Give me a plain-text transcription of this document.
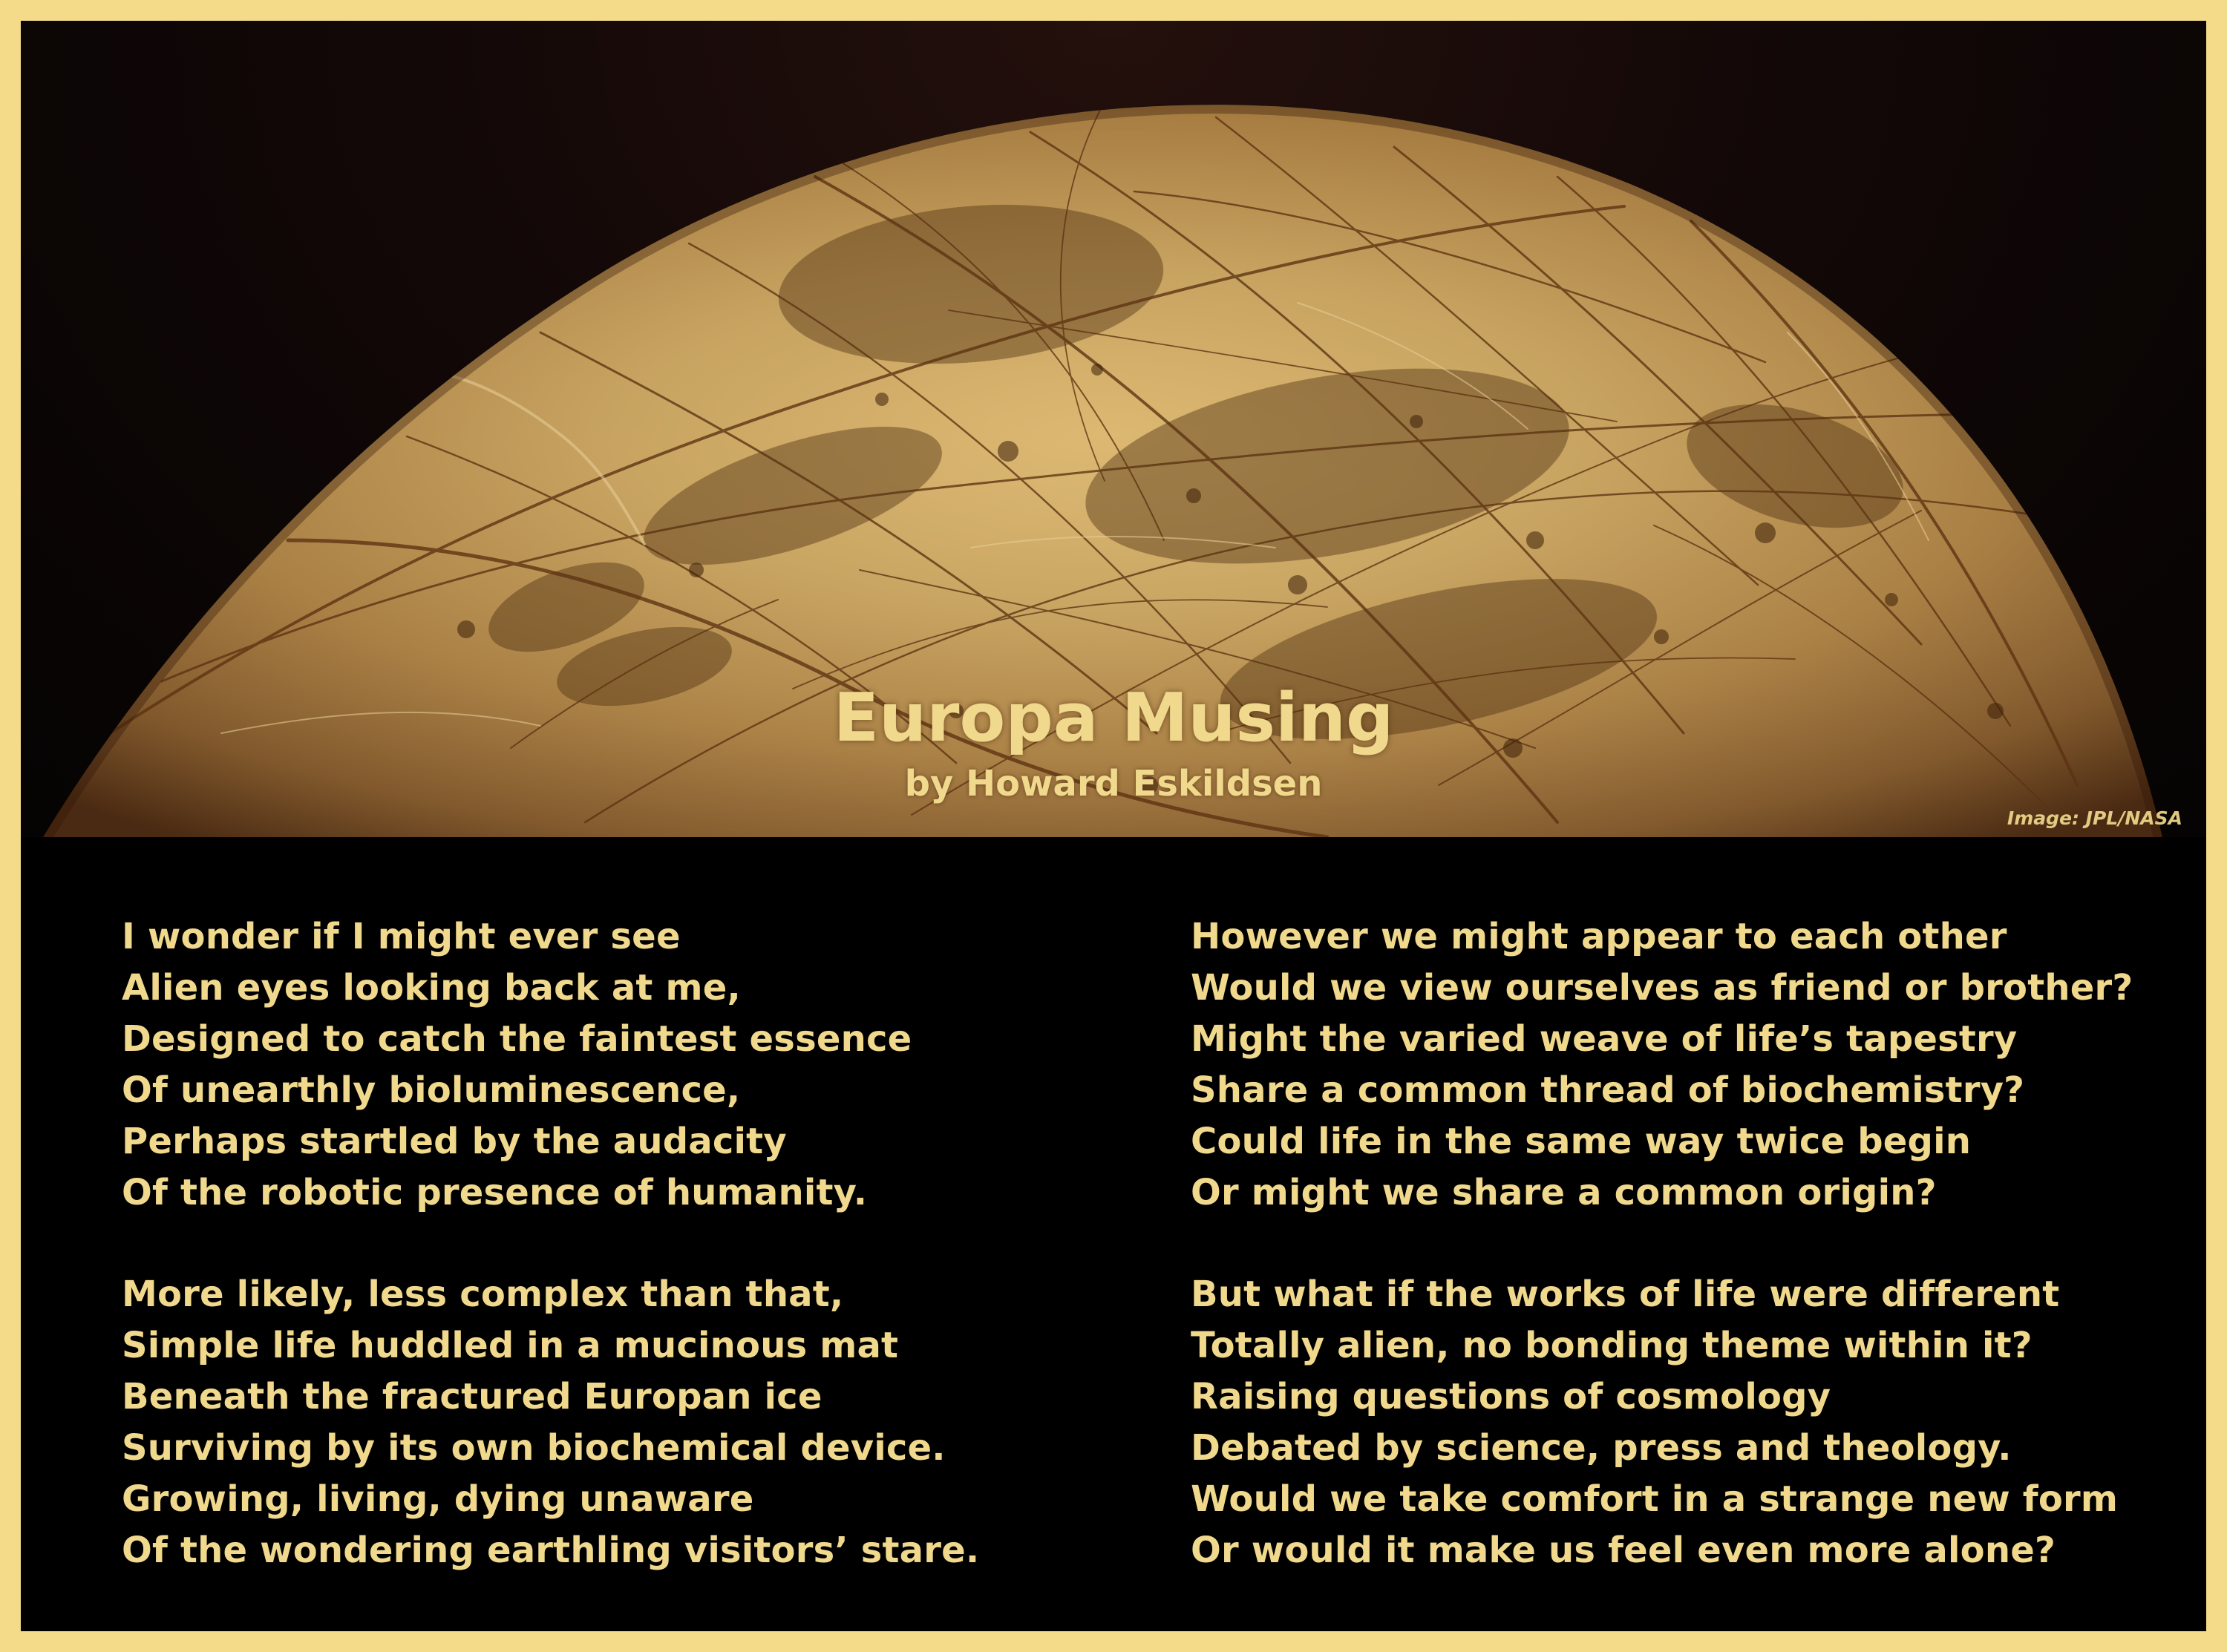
Europa Musing
by Howard Eskildsen
Image: JPL/NASA
I wonder if I might ever see
Alien eyes looking back at me,
Designed to catch the faintest essence
Of unearthly bioluminescence,
Perhaps startled by the audacity
Of the robotic presence of humanity.
More likely, less complex than that,
Simple life huddled in a mucinous mat
Beneath the fractured Europan ice
Surviving by its own biochemical device.
Growing, living, dying unaware
Of the wondering earthling visitors’ stare.
However we might appear to each other
Would we view ourselves as friend or brother?
Might the varied weave of life’s tapestry
Share a common thread of biochemistry?
Could life in the same way twice begin
Or might we share a common origin?
But what if the works of life were different
Totally alien, no bonding theme within it?
Raising questions of cosmology
Debated by science, press and theology.
Would we take comfort in a strange new form
Or would it make us feel even more alone?
